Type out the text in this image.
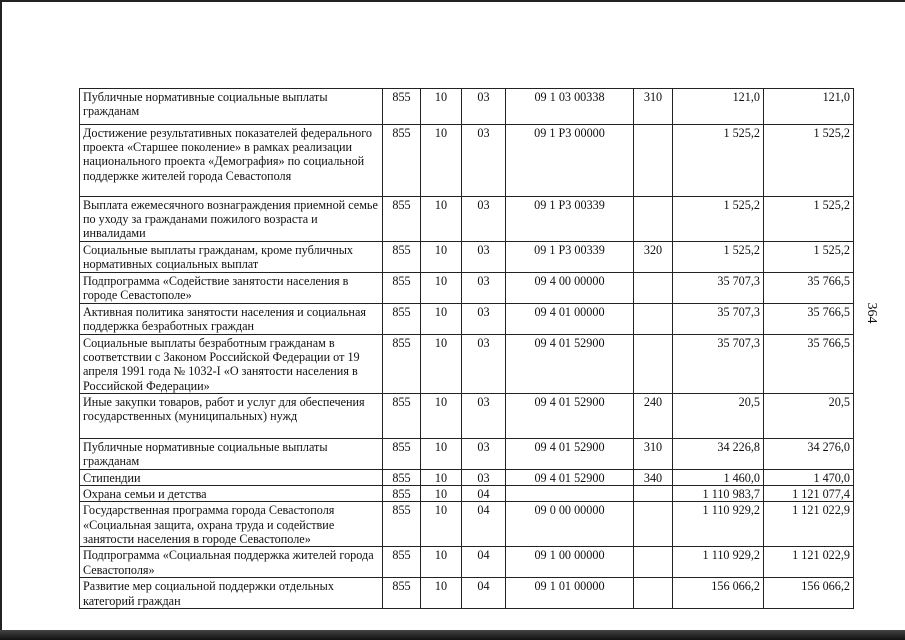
364
Публичные нормативные социальные выплаты гражданам	855	10	03	09 1 03 00338	310	121,0	121,0
Достижение результативных показателей федерального проекта «Старшее поколение» в рамках реализации национального проекта «Демография» по социальной поддержке жителей города Севастополя	855	10	03	09 1 P3 00000		1 525,2	1 525,2
Выплата ежемесячного вознаграждения приемной семье по уходу за гражданами пожилого возраста и инвалидами	855	10	03	09 1 P3 00339		1 525,2	1 525,2
Социальные выплаты гражданам, кроме публичных нормативных социальных выплат	855	10	03	09 1 P3 00339	320	1 525,2	1 525,2
Подпрограмма «Содействие занятости населения в городе Севастополе»	855	10	03	09 4 00 00000		35 707,3	35 766,5
Активная политика занятости населения и социальная поддержка безработных граждан	855	10	03	09 4 01 00000		35 707,3	35 766,5
Социальные выплаты безработным гражданам в соответствии с Законом Российской Федерации от 19 апреля 1991 года № 1032-I «О занятости населения в Российской Федерации»	855	10	03	09 4 01 52900		35 707,3	35 766,5
Иные закупки товаров, работ и услуг для обеспечения государственных (муниципальных) нужд	855	10	03	09 4 01 52900	240	20,5	20,5
Публичные нормативные социальные выплаты гражданам	855	10	03	09 4 01 52900	310	34 226,8	34 276,0
Стипендии	855	10	03	09 4 01 52900	340	1 460,0	1 470,0
Охрана семьи и детства	855	10	04			1 110 983,7	1 121 077,4
Государственная программа города Севастополя «Социальная защита, охрана труда и содействие занятости населения в городе Севастополе»	855	10	04	09 0 00 00000		1 110 929,2	1 121 022,9
Подпрограмма «Социальная поддержка жителей города Севастополя»	855	10	04	09 1 00 00000		1 110 929,2	1 121 022,9
Развитие мер социальной поддержки отдельных категорий граждан	855	10	04	09 1 01 00000		156 066,2	156 066,2
